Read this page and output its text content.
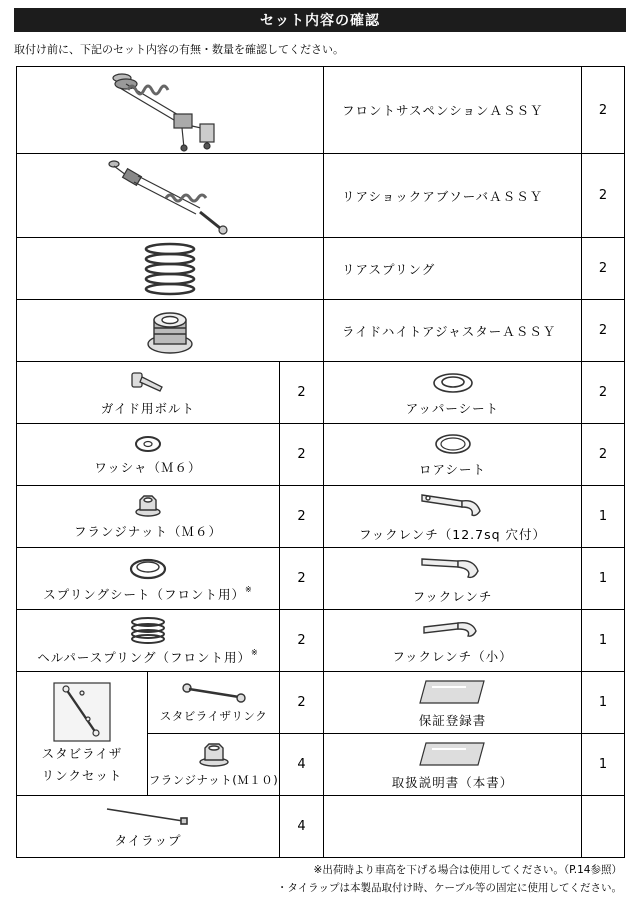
セット内容の確認
取付け前に、下記のセット内容の有無・数量を確認してください。
	フロントサスペンションＡＳＳＹ	2

	リアショックアブソーバＡＳＳＹ	2

	リアスプリング	2

	ライドハイトアジャスターＡＳＳＹ	2

ガイド用ボルト		2	アッパーシート	2

ワッシャ（Ｍ６）		2	ロアシート	2

フランジナット（Ｍ６）		2	フックレンチ（12.7sq 穴付）	1

スプリングシート（フロント用）※		2	フックレンチ	1

ヘルパースプリング（フロント用）※		2	フックレンチ（小）	1

スタビライザ
リンクセット	スタビライザリンク	2	保証登録書	1

	フランジナット(Ｍ１０)	4	取扱説明書（本書）	1

タイラップ		4		
※出荷時より車高を下げる場合は使用してください。（P.14参照）
・タイラップは本製品取付け時、ケーブル等の固定に使用してください。
